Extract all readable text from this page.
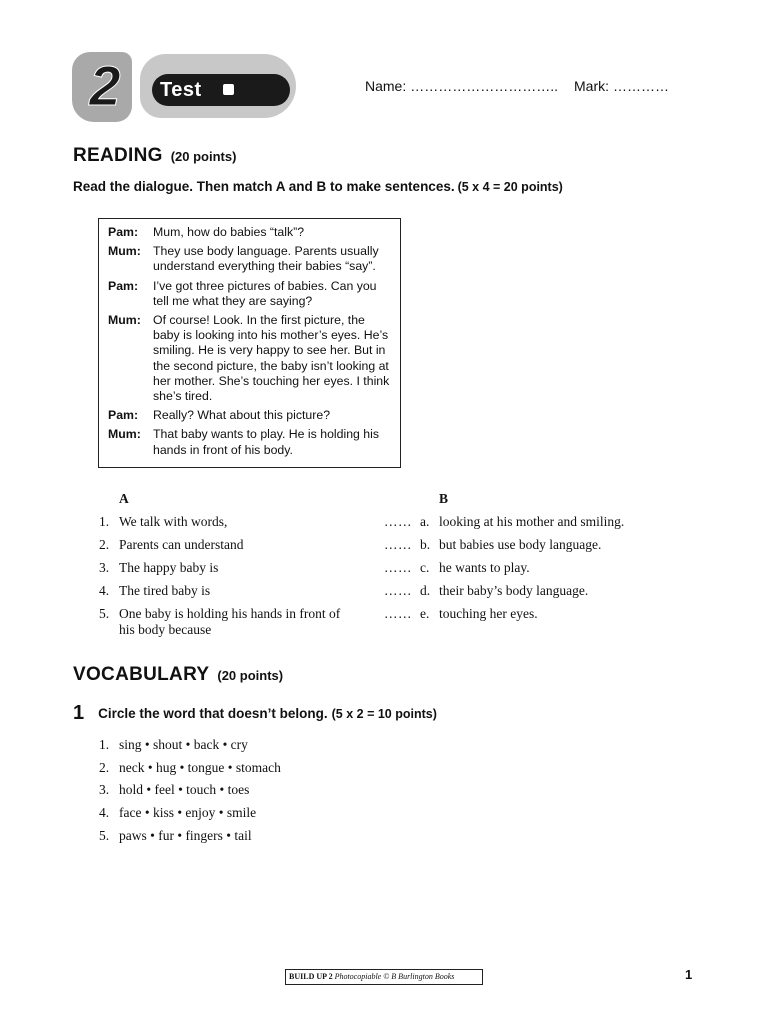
2	Test	Name: ………………………….. Mark: …………
READING (20 points)
Read the dialogue. Then match A and B to make sentences. (5 x 4 = 20 points)
Pam:	Mum, how do babies “talk”?
Mum: They use body language. Parents usually understand everything their babies “say”.
Pam:	I’ve got three pictures of babies. Can you tell me what they are saying?
Mum: Of course! Look. In the first picture, the baby is looking into his mother’s eyes. He’s smiling. He is very happy to see her. But in the second picture, the baby isn’t looking at her mother. She’s touching her eyes. I think she’s tired.
Pam:	Really? What about this picture?
Mum: That baby wants to play. He is holding his hands in front of his body.
A	B
1. We talk with words,	…… a. looking at his mother and smiling.
2. Parents can understand	…… b. but babies use body language.
3. The happy baby is	…… c. he wants to play.
4. The tired baby is	…… d. their baby’s body language.
5. One baby is holding his hands in front of his body because
…… e. touching her eyes.
VOCABULARY (20 points)
1 Circle the word that doesn’t belong. (5 x 2 = 10 points)
1. sing • shout • back • cry
2. neck • hug • tongue • stomach
3. hold • feel • touch • toes
4. face • kiss • enjoy • smile
5. paws • fur • fingers • tail
BUILD UP 2 Photocopiable © B Burlington Books	1
